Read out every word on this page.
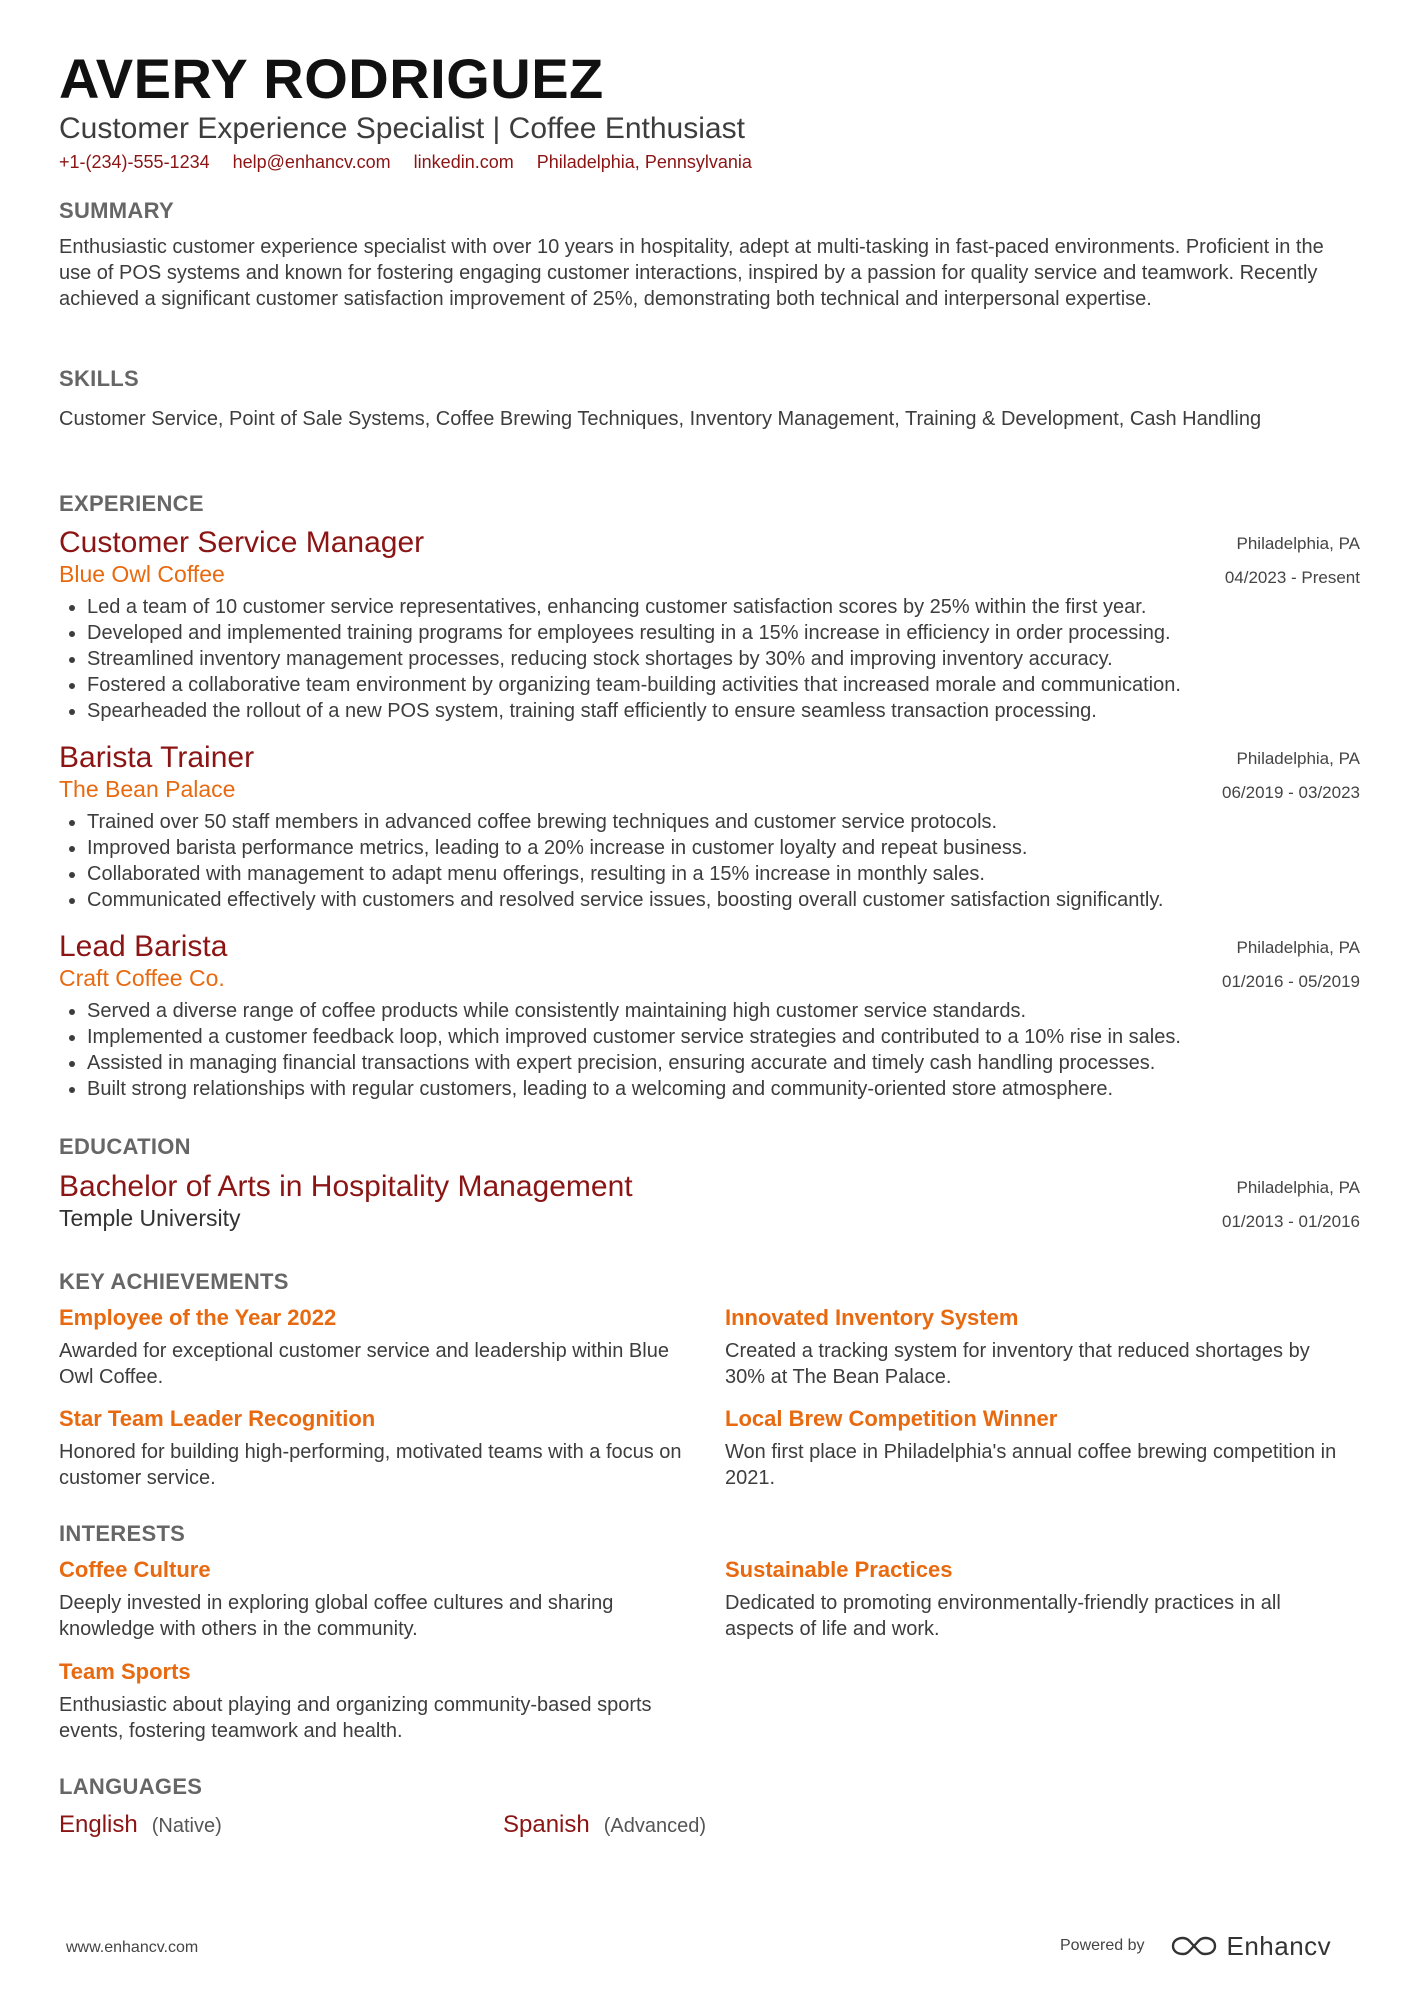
AVERY RODRIGUEZ
Customer Experience Specialist | Coffee Enthusiast
+1-(234)-555-1234 help@enhancv.com linkedin.com Philadelphia, Pennsylvania
SUMMARY
Enthusiastic customer experience specialist with over 10 years in hospitality, adept at multi-tasking in fast-paced environments. Proficient in the use of POS systems and known for fostering engaging customer interactions, inspired by a passion for quality service and teamwork. Recently achieved a significant customer satisfaction improvement of 25%, demonstrating both technical and interpersonal expertise.
SKILLS
Customer Service, Point of Sale Systems, Coffee Brewing Techniques, Inventory Management, Training & Development, Cash Handling
EXPERIENCE
Customer Service Manager
Blue Owl Coffee
Philadelphia, PA
04/2023 - Present
• Led a team of 10 customer service representatives, enhancing customer satisfaction scores by 25% within the first year.
• Developed and implemented training programs for employees resulting in a 15% increase in efficiency in order processing.
• Streamlined inventory management processes, reducing stock shortages by 30% and improving inventory accuracy.
• Fostered a collaborative team environment by organizing team-building activities that increased morale and communication.
• Spearheaded the rollout of a new POS system, training staff efficiently to ensure seamless transaction processing.
Barista Trainer
The Bean Palace
Philadelphia, PA
06/2019 - 03/2023
• Trained over 50 staff members in advanced coffee brewing techniques and customer service protocols.
• Improved barista performance metrics, leading to a 20% increase in customer loyalty and repeat business.
• Collaborated with management to adapt menu offerings, resulting in a 15% increase in monthly sales.
• Communicated effectively with customers and resolved service issues, boosting overall customer satisfaction significantly.
Lead Barista
Craft Coffee Co.
Philadelphia, PA
01/2016 - 05/2019
• Served a diverse range of coffee products while consistently maintaining high customer service standards.
• Implemented a customer feedback loop, which improved customer service strategies and contributed to a 10% rise in sales.
• Assisted in managing financial transactions with expert precision, ensuring accurate and timely cash handling processes.
• Built strong relationships with regular customers, leading to a welcoming and community-oriented store atmosphere.
EDUCATION
Bachelor of Arts in Hospitality Management
Temple University
Philadelphia, PA
01/2013 - 01/2016
KEY ACHIEVEMENTS
Employee of the Year 2022
Awarded for exceptional customer service and leadership within Blue Owl Coffee.
Innovated Inventory System
Created a tracking system for inventory that reduced shortages by 30% at The Bean Palace.
Star Team Leader Recognition
Honored for building high-performing, motivated teams with a focus on customer service.
Local Brew Competition Winner
Won first place in Philadelphia's annual coffee brewing competition in 2021.
INTERESTS
Coffee Culture
Deeply invested in exploring global coffee cultures and sharing knowledge with others in the community.
Sustainable Practices
Dedicated to promoting environmentally-friendly practices in all aspects of life and work.
Team Sports
Enthusiastic about playing and organizing community-based sports events, fostering teamwork and health.
LANGUAGES
English (Native)	Spanish (Advanced)
www.enhancv.com	Powered by	Enhancv
